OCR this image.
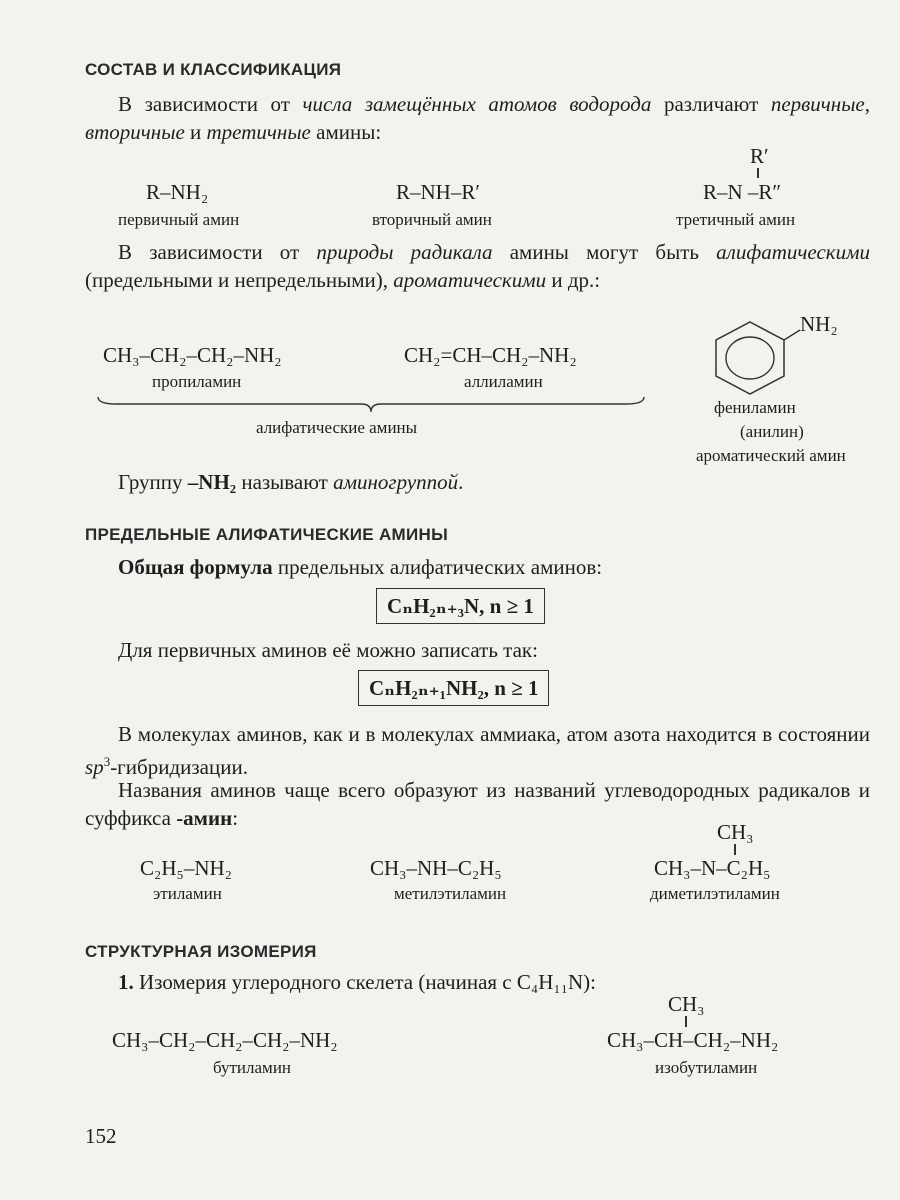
СОСТАВ И КЛАССИФИКАЦИЯ
В зависимости от числа замещённых атомов водорода различают первичные, вторичные и третичные амины:
R–NH₂
первичный амин
R–NH–R′
вторичный амин
R′
R–N –R″
третичный амин
В зависимости от природы радикала амины могут быть алифатическими (предельными и непредельными), ароматическими и др.:
CH₃–CH₂–CH₂–NH₂
пропиламин
CH₂=CH–CH₂–NH₂
аллиламин
алифатические амины
NH₂
фениламин
(анилин)
ароматический амин
Группу –NH₂ называют аминогруппой.
ПРЕДЕЛЬНЫЕ АЛИФАТИЧЕСКИЕ АМИНЫ
Общая формула предельных алифатических аминов:
CₙH₂ₙ₊₃N, n ≥ 1
Для первичных аминов её можно записать так:
CₙH₂ₙ₊₁NH₂, n ≥ 1
В молекулах аминов, как и в молекулах аммиака, атом азота находится в состоянии $sp^3$-гибридизации.
Названия аминов чаще всего образуют из названий углеводородных радикалов и суффикса -амин:
C₂H₅–NH₂
этиламин
CH₃–NH–C₂H₅
метилэтиламин
CH₃
CH₃–N–C₂H₅
диметилэтиламин
СТРУКТУРНАЯ ИЗОМЕРИЯ
1. Изомерия углеродного скелета (начиная с C₄H₁₁N):
CH₃–CH₂–CH₂–CH₂–NH₂
бутиламин
CH₃
CH₃–CH–CH₂–NH₂
изобутиламин
152
